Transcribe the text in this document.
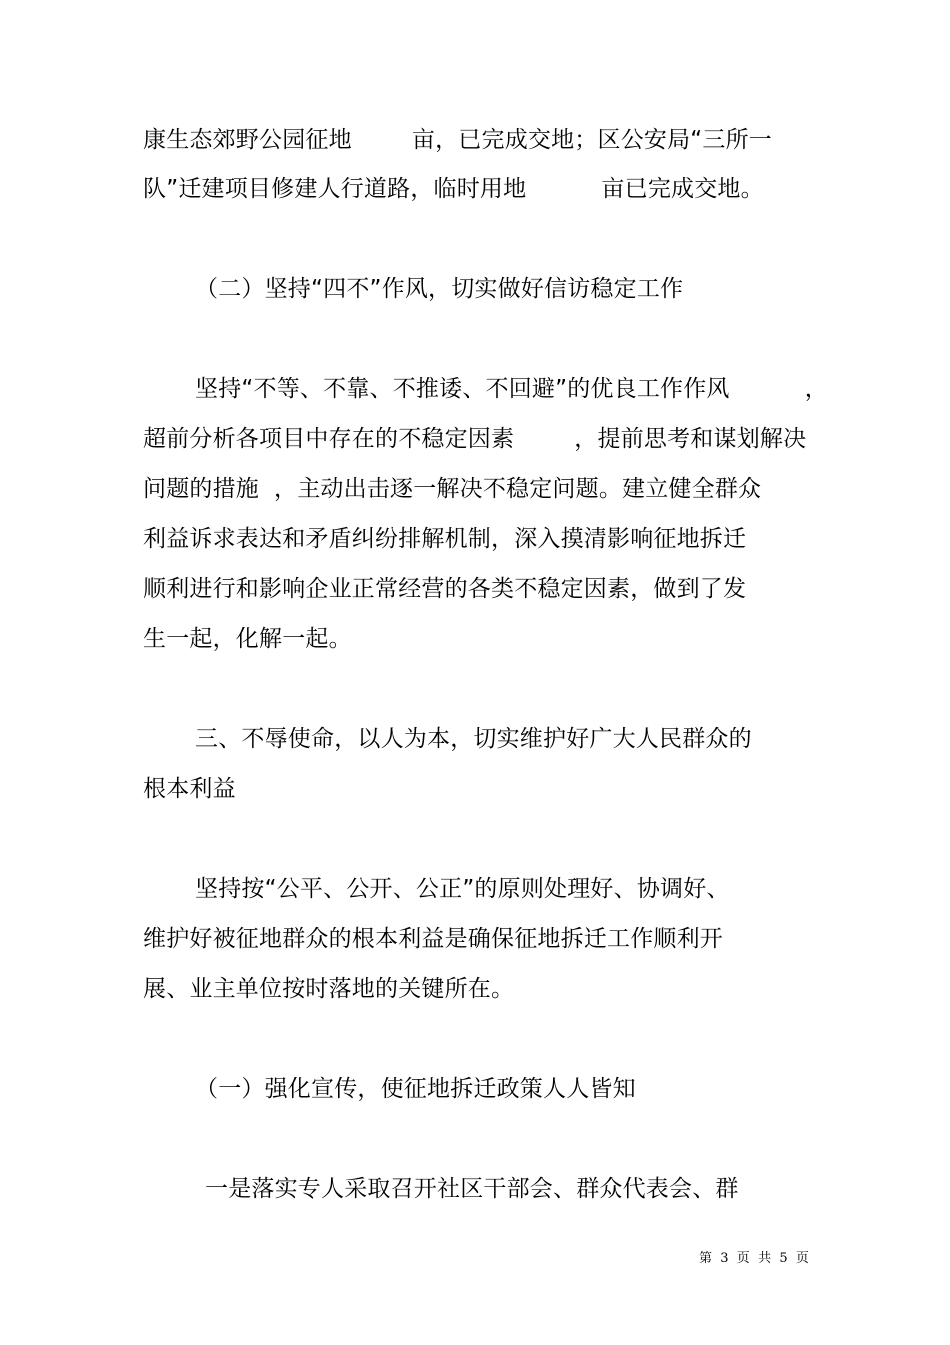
康生态郊野公园征地        亩，已完成交地；区公安局“三所一
队”迁建项目修建人行道路，临时用地          亩已完成交地。
（二）坚持“四不”作风，切实做好信访稳定工作
坚持“不等、不靠、不推诿、不回避”的优良工作作风          ，
超前分析各项目中存在的不稳定因素        ，提前思考和谋划解决
问题的措施  ，主动出击逐一解决不稳定问题。建立健全群众
利益诉求表达和矛盾纠纷排解机制，深入摸清影响征地拆迁
顺利进行和影响企业正常经营的各类不稳定因素，做到了发
生一起，化解一起。
三、不辱使命，以人为本，切实维护好广大人民群众的
根本利益
坚持按“公平、公开、公正”的原则处理好、协调好、
维护好被征地群众的根本利益是确保征地拆迁工作顺利开
展、业主单位按时落地的关键所在。
（一）强化宣传，使征地拆迁政策人人皆知
一是落实专人采取召开社区干部会、群众代表会、群
第  3  页  共  5  页
